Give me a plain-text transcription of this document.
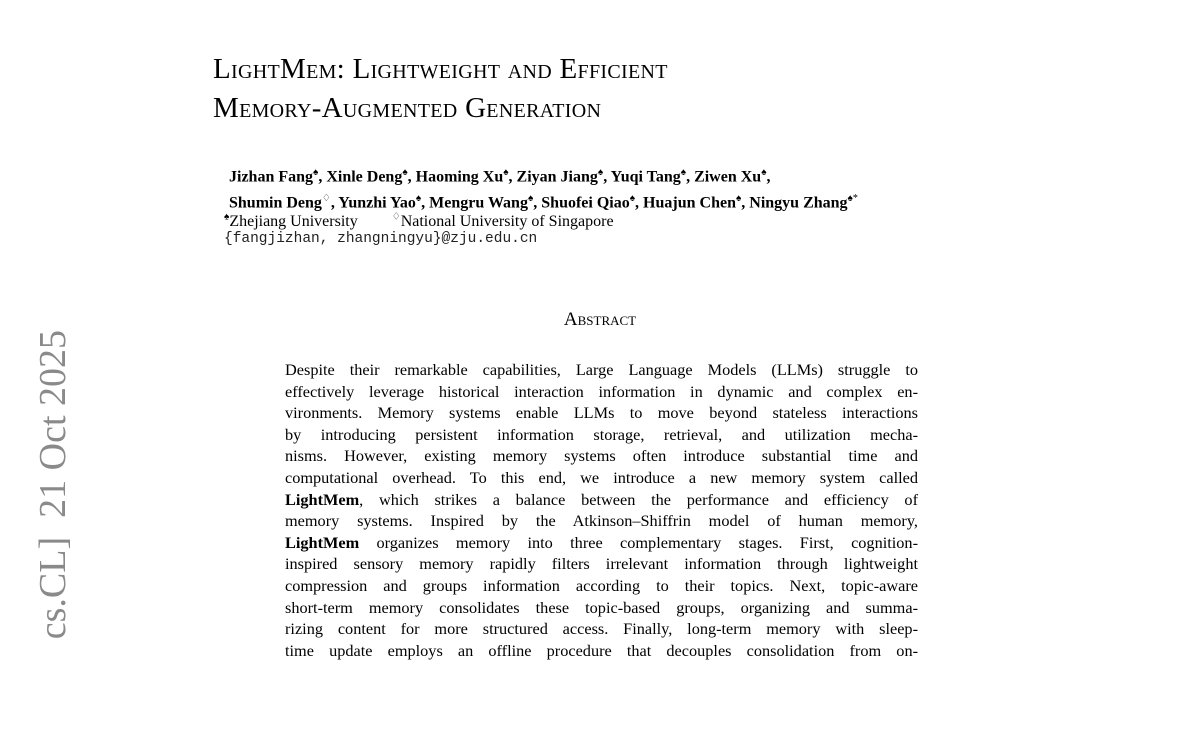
cs.CL]  21 Oct 2025
LightMem: Lightweight and Efficient
Memory-Augmented Generation
Jizhan Fang♠, Xinle Deng♠, Haoming Xu♠, Ziyan Jiang♠, Yuqi Tang♠, Ziwen Xu♠,
Shumin Deng♢, Yunzhi Yao♠, Mengru Wang♠, Shuofei Qiao♠, Huajun Chen♠, Ningyu Zhang♠*
♠Zhejiang University	♢National University of Singapore
{fangjizhan, zhangningyu}@zju.edu.cn
Abstract
Despite their remarkable capabilities, Large Language Models (LLMs) struggle to
effectively leverage historical interaction information in dynamic and complex en-
vironments. Memory systems enable LLMs to move beyond stateless interactions
by introducing persistent information storage, retrieval, and utilization mecha-
nisms. However, existing memory systems often introduce substantial time and
computational overhead. To this end, we introduce a new memory system called
LightMem, which strikes a balance between the performance and efficiency of
memory systems. Inspired by the Atkinson–Shiffrin model of human memory,
LightMem organizes memory into three complementary stages. First, cognition-
inspired sensory memory rapidly filters irrelevant information through lightweight
compression and groups information according to their topics. Next, topic-aware
short-term memory consolidates these topic-based groups, organizing and summa-
rizing content for more structured access. Finally, long-term memory with sleep-
time update employs an offline procedure that decouples consolidation from on-
